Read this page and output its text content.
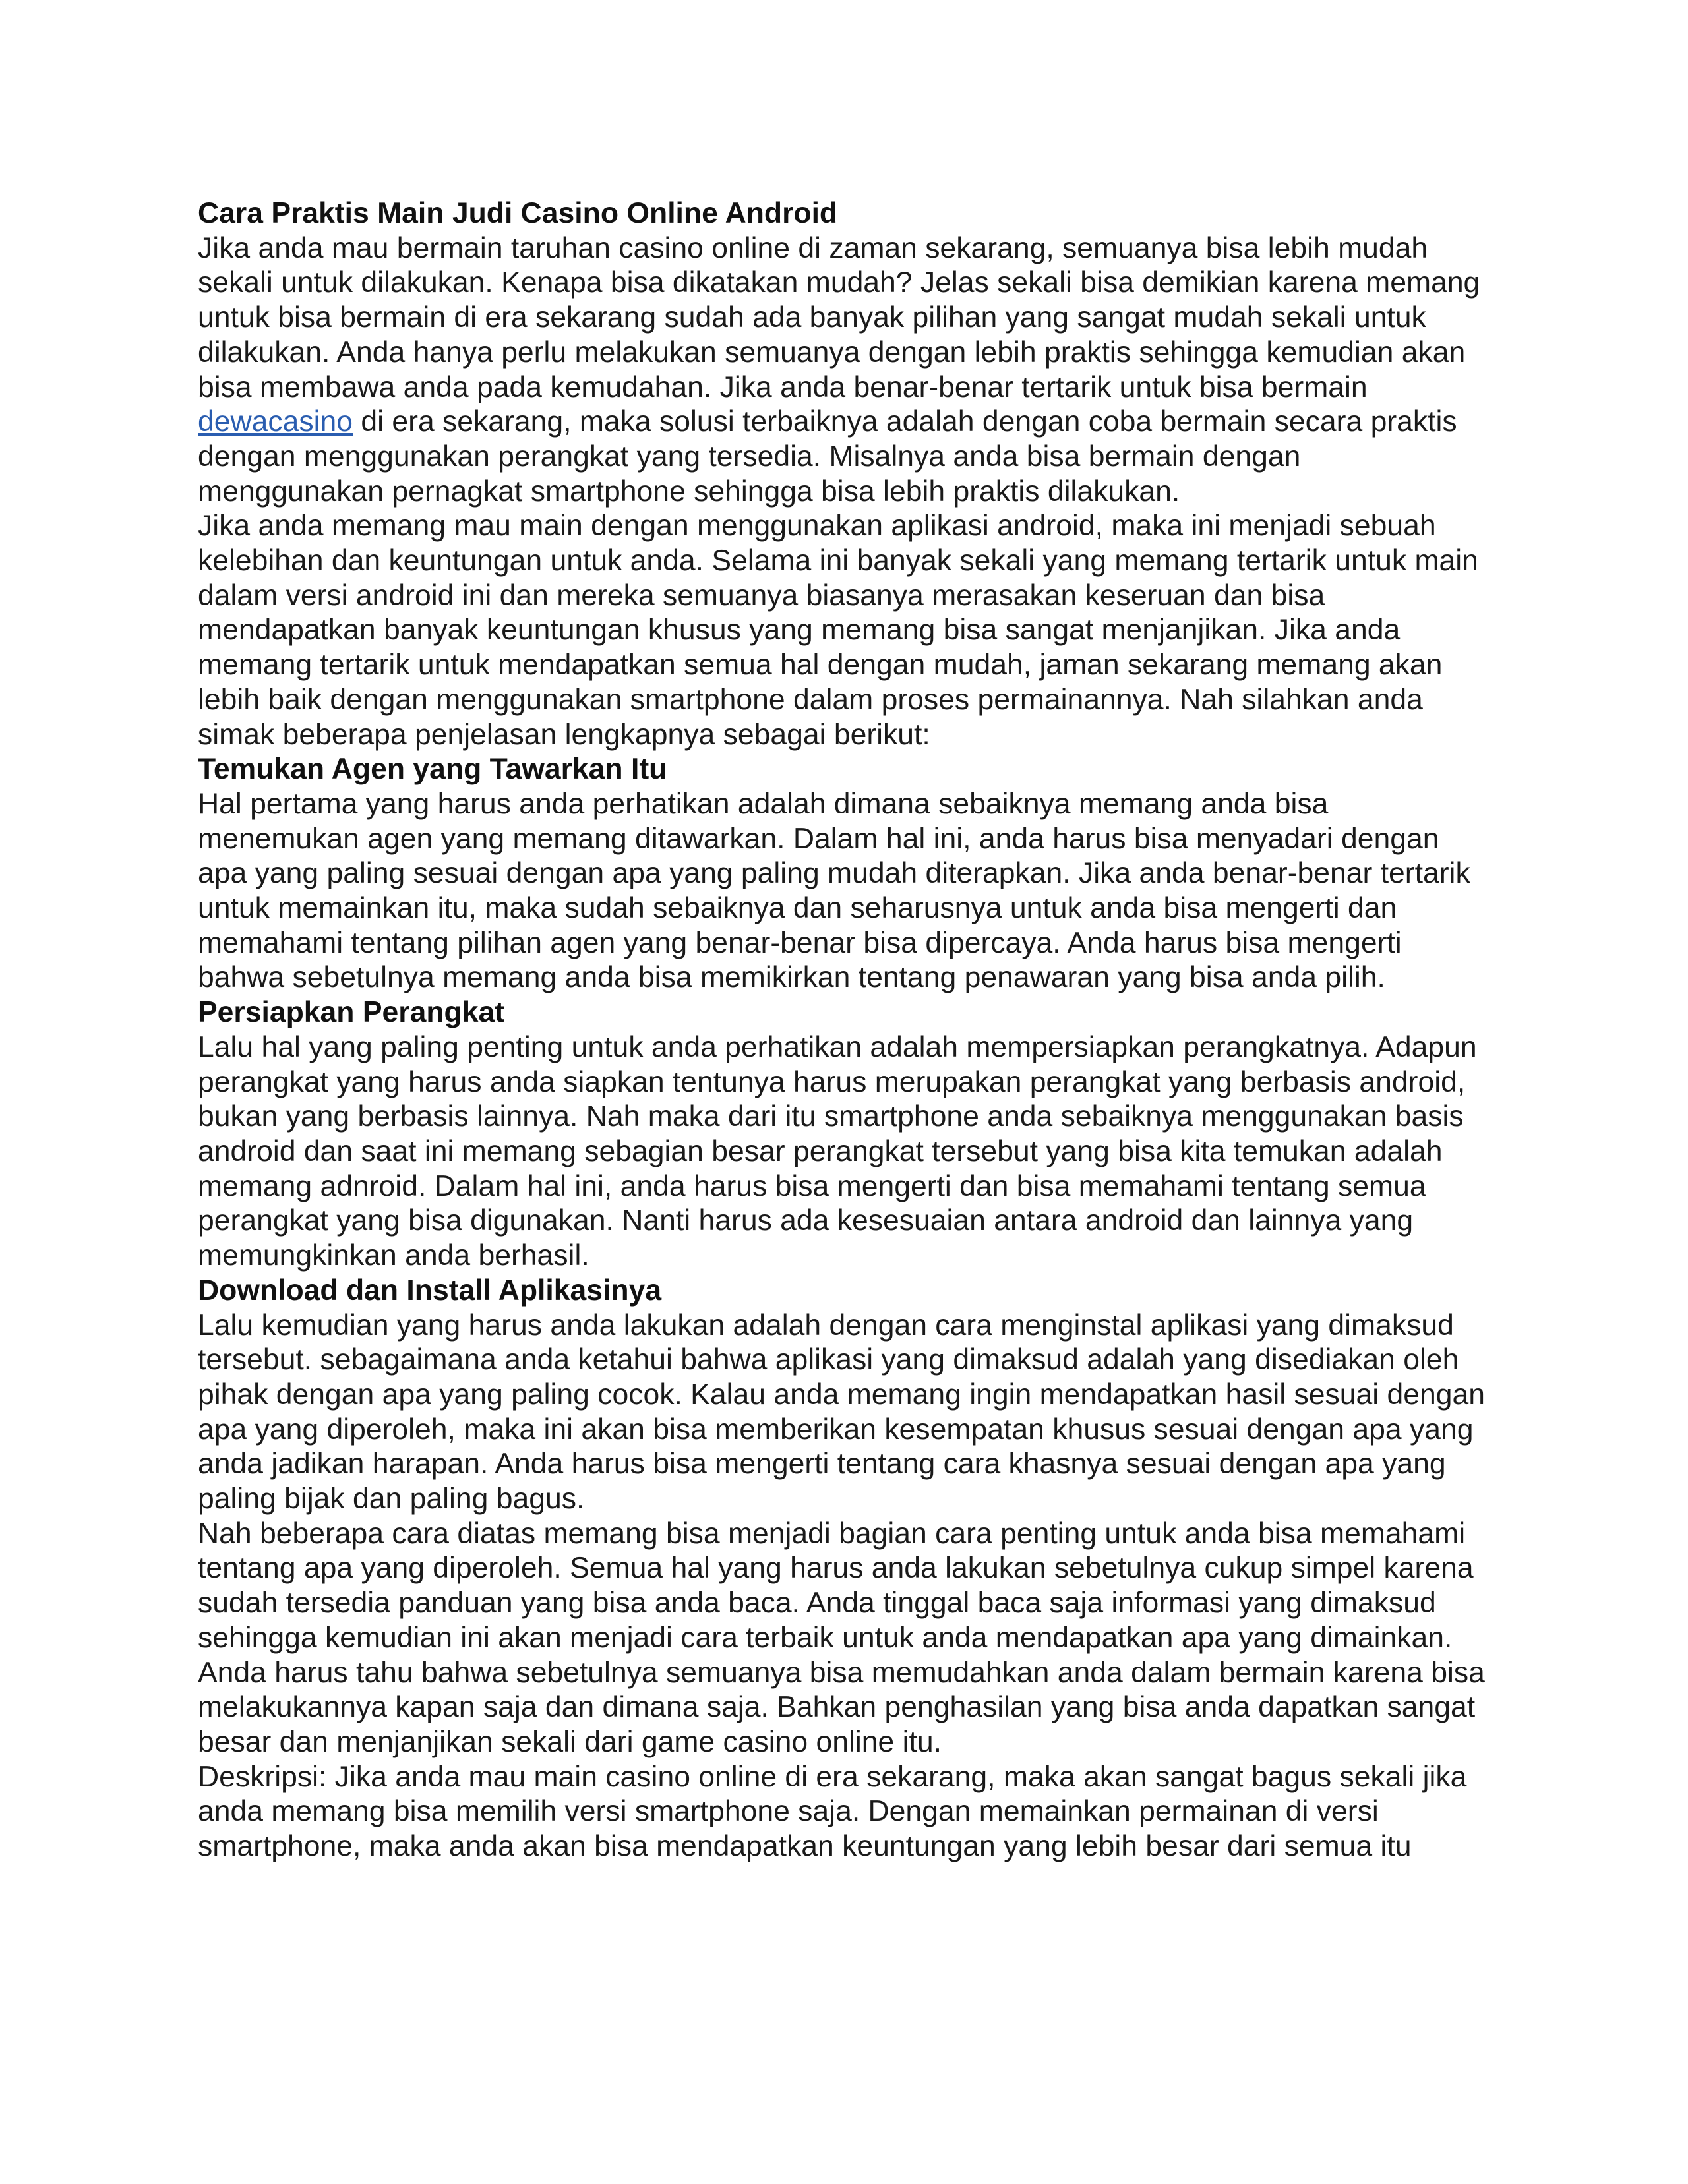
Cara Praktis Main Judi Casino Online Android

Jika anda mau bermain taruhan casino online di zaman sekarang, semuanya bisa lebih mudah sekali untuk dilakukan. Kenapa bisa dikatakan mudah? Jelas sekali bisa demikian karena memang untuk bisa bermain di era sekarang sudah ada banyak pilihan yang sangat mudah sekali untuk dilakukan. Anda hanya perlu melakukan semuanya dengan lebih praktis sehingga kemudian akan bisa membawa anda pada kemudahan. Jika anda benar-benar tertarik untuk bisa bermain dewacasino di era sekarang, maka solusi terbaiknya adalah dengan coba bermain secara praktis dengan menggunakan perangkat yang tersedia. Misalnya anda bisa bermain dengan menggunakan pernagkat smartphone sehingga bisa lebih praktis dilakukan.

Jika anda memang mau main dengan menggunakan aplikasi android, maka ini menjadi sebuah kelebihan dan keuntungan untuk anda. Selama ini banyak sekali yang memang tertarik untuk main dalam versi android ini dan mereka semuanya biasanya merasakan keseruan dan bisa mendapatkan banyak keuntungan khusus yang memang bisa sangat menjanjikan. Jika anda memang tertarik untuk mendapatkan semua hal dengan mudah, jaman sekarang memang akan lebih baik dengan menggunakan smartphone dalam proses permainannya. Nah silahkan anda simak beberapa penjelasan lengkapnya sebagai berikut:

Temukan Agen yang Tawarkan Itu

Hal pertama yang harus anda perhatikan adalah dimana sebaiknya memang anda bisa menemukan agen yang memang ditawarkan. Dalam hal ini, anda harus bisa menyadari dengan apa yang paling sesuai dengan apa yang paling mudah diterapkan. Jika anda benar-benar tertarik untuk memainkan itu, maka sudah sebaiknya dan seharusnya untuk anda bisa mengerti dan memahami tentang pilihan agen yang benar-benar bisa dipercaya. Anda harus bisa mengerti bahwa sebetulnya memang anda bisa memikirkan tentang penawaran yang bisa anda pilih.

Persiapkan Perangkat

Lalu hal yang paling penting untuk anda perhatikan adalah mempersiapkan perangkatnya. Adapun perangkat yang harus anda siapkan tentunya harus merupakan perangkat yang berbasis android, bukan yang berbasis lainnya. Nah maka dari itu smartphone anda sebaiknya menggunakan basis android dan saat ini memang sebagian besar perangkat tersebut yang bisa kita temukan adalah memang adnroid. Dalam hal ini, anda harus bisa mengerti dan bisa memahami tentang semua perangkat yang bisa digunakan. Nanti harus ada kesesuaian antara android dan lainnya yang memungkinkan anda berhasil.

Download dan Install Aplikasinya

Lalu kemudian yang harus anda lakukan adalah dengan cara menginstal aplikasi yang dimaksud tersebut. sebagaimana anda ketahui bahwa aplikasi yang dimaksud adalah yang disediakan oleh pihak dengan apa yang paling cocok. Kalau anda memang ingin mendapatkan hasil sesuai dengan apa yang diperoleh, maka ini akan bisa memberikan kesempatan khusus sesuai dengan apa yang anda jadikan harapan. Anda harus bisa mengerti tentang cara khasnya sesuai dengan apa yang paling bijak dan paling bagus.

Nah beberapa cara diatas memang bisa menjadi bagian cara penting untuk anda bisa memahami tentang apa yang diperoleh. Semua hal yang harus anda lakukan sebetulnya cukup simpel karena sudah tersedia panduan yang bisa anda baca. Anda tinggal baca saja informasi yang dimaksud sehingga kemudian ini akan menjadi cara terbaik untuk anda mendapatkan apa yang dimainkan. Anda harus tahu bahwa sebetulnya semuanya bisa memudahkan anda dalam bermain karena bisa melakukannya kapan saja dan dimana saja. Bahkan penghasilan yang bisa anda dapatkan sangat besar dan menjanjikan sekali dari game casino online itu.

Deskripsi: Jika anda mau main casino online di era sekarang, maka akan sangat bagus sekali jika anda memang bisa memilih versi smartphone saja. Dengan memainkan permainan di versi smartphone, maka anda akan bisa mendapatkan keuntungan yang lebih besar dari semua itu
